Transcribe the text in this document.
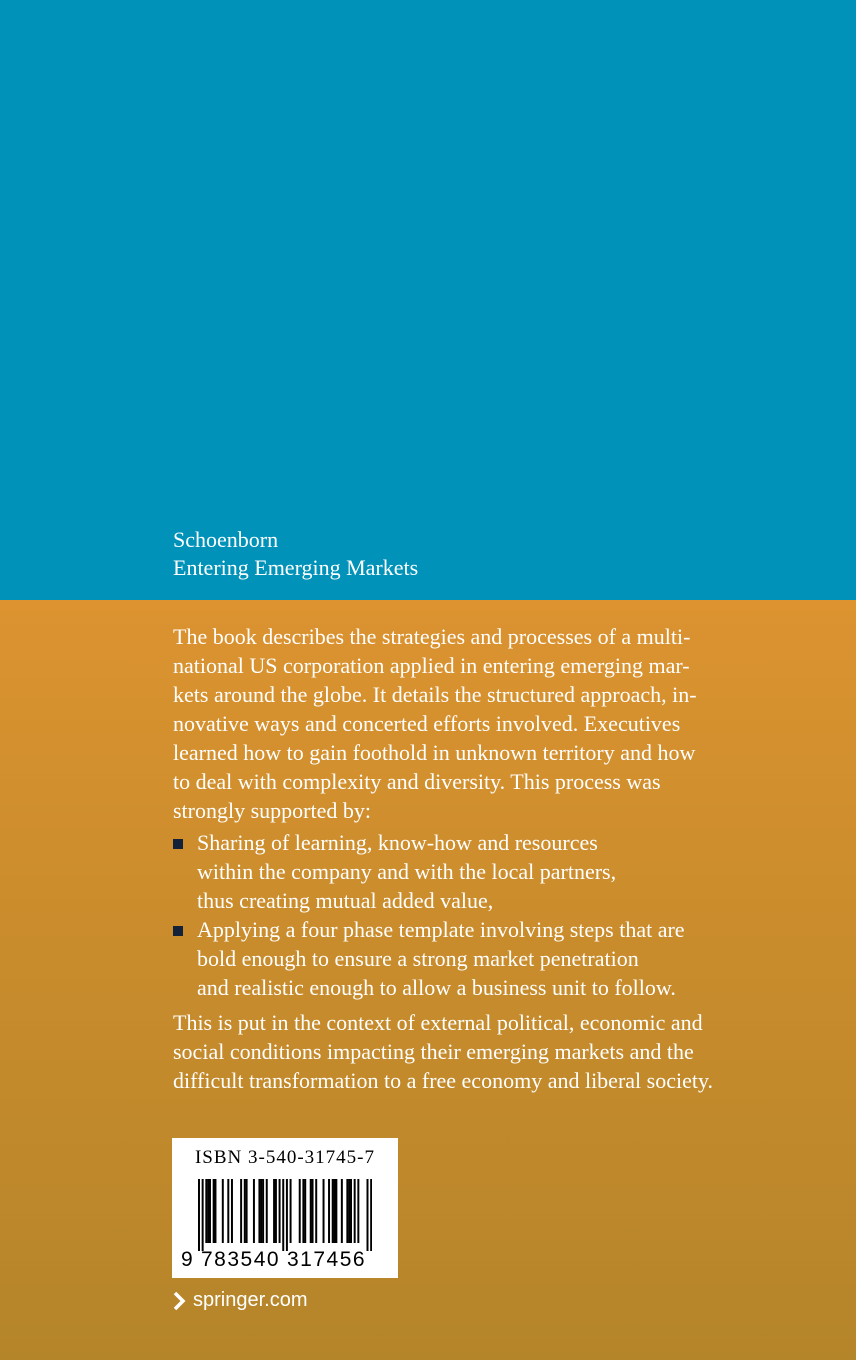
Schoenborn
Entering Emerging Markets
The book describes the strategies and processes of a multi-
national US corporation applied in entering emerging mar-
kets around the globe. It details the structured approach, in-
novative ways and concerted efforts involved. Executives
learned how to gain foothold in unknown territory and how
to deal with complexity and diversity. This process was
strongly supported by:
Sharing of learning, know-how and resources
within the company and with the local partners,
thus creating mutual added value,
Applying a four phase template involving steps that are
bold enough to ensure a strong market penetration
and realistic enough to allow a business unit to follow.
This is put in the context of external political, economic and
social conditions impacting their emerging markets and the
difficult transformation to a free economy and liberal society.
ISBN 3-540-31745-7
9 783540 317456
springer.com
